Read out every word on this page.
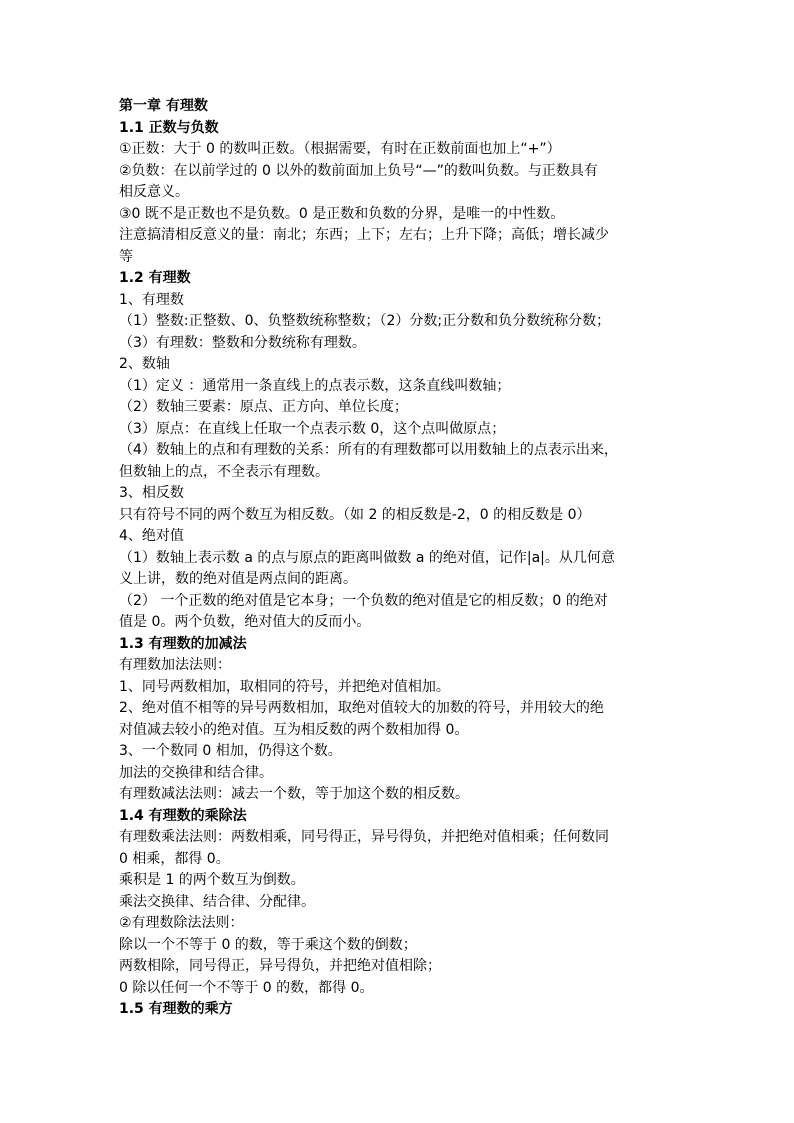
第一章 有理数
1.1 正数与负数
①正数：大于 0 的数叫正数。（根据需要，有时在正数前面也加上“+”）
②负数：在以前学过的 0 以外的数前面加上负号“—”的数叫负数。与正数具有
相反意义。
③0 既不是正数也不是负数。0 是正数和负数的分界，是唯一的中性数。
注意搞清相反意义的量：南北；东西；上下；左右；上升下降；高低；增长减少
等
1.2 有理数
1、有理数
（1）整数:正整数、0、负整数统称整数；（2）分数;正分数和负分数统称分数；
（3）有理数：整数和分数统称有理数。
2、数轴
（1）定义 ：通常用一条直线上的点表示数，这条直线叫数轴；
（2）数轴三要素：原点、正方向、单位长度；
（3）原点：在直线上任取一个点表示数 0，这个点叫做原点；
（4）数轴上的点和有理数的关系：所有的有理数都可以用数轴上的点表示出来，
但数轴上的点，不全表示有理数。
3、相反数
只有符号不同的两个数互为相反数。（如 2 的相反数是-2，0 的相反数是 0）
4、绝对值
（1）数轴上表示数 a 的点与原点的距离叫做数 a 的绝对值，记作|a|。从几何意
义上讲，数的绝对值是两点间的距离。
（2） 一个正数的绝对值是它本身；一个负数的绝对值是它的相反数；0 的绝对
值是 0。两个负数，绝对值大的反而小。
1.3 有理数的加减法
有理数加法法则：
1、同号两数相加，取相同的符号，并把绝对值相加。
2、绝对值不相等的异号两数相加，取绝对值较大的加数的符号，并用较大的绝
对值减去较小的绝对值。互为相反数的两个数相加得 0。
3、一个数同 0 相加，仍得这个数。
加法的交换律和结合律。
有理数减法法则：减去一个数，等于加这个数的相反数。
1.4 有理数的乘除法
有理数乘法法则：两数相乘，同号得正，异号得负，并把绝对值相乘；任何数同
0 相乘，都得 0。
乘积是 1 的两个数互为倒数。
乘法交换律、结合律、分配律。
②有理数除法法则：
除以一个不等于 0 的数，等于乘这个数的倒数；
两数相除，同号得正，异号得负，并把绝对值相除；
0 除以任何一个不等于 0 的数，都得 0。
1.5 有理数的乘方
